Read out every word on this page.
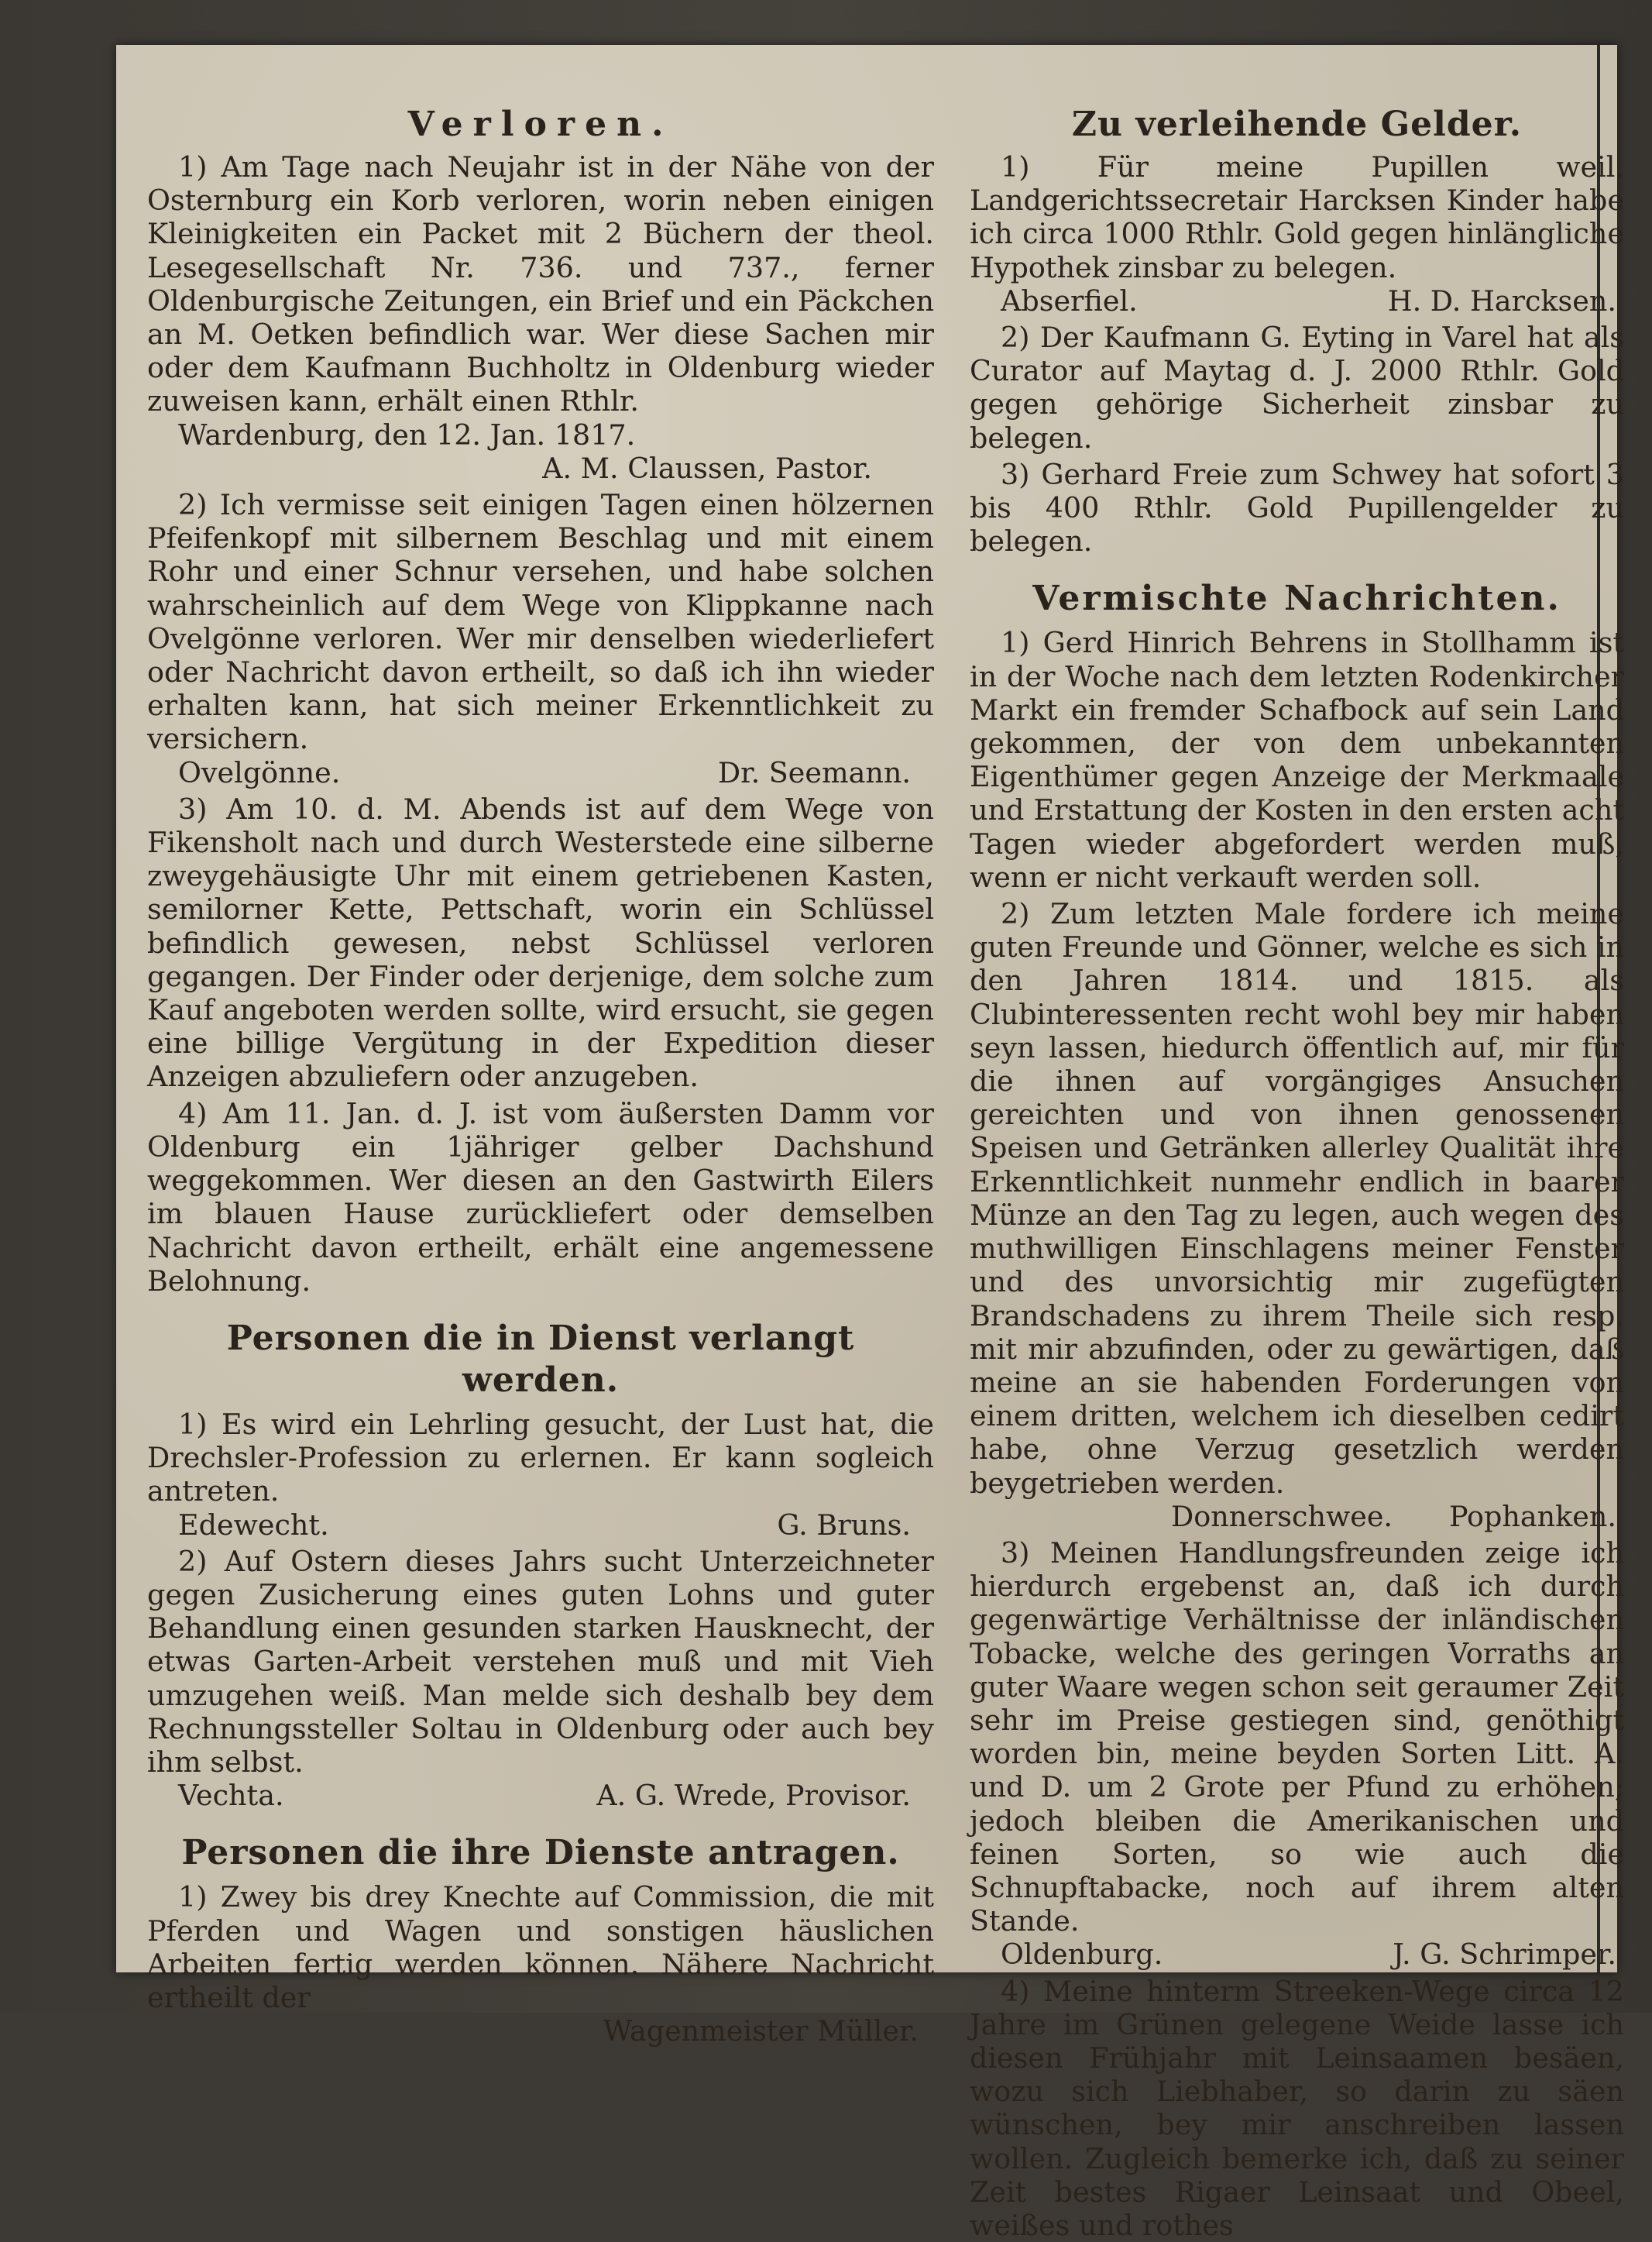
Verloren.

1) Am Tage nach Neujahr ist in der Nähe von der Osternburg ein Korb verloren, worin neben einigen Kleinigkeiten ein Packet mit 2 Büchern der theol. Lesegesellschaft Nr. 736. und 737., ferner Oldenburgische Zeitungen, ein Brief und ein Päckchen an M. Oetken befindlich war. Wer diese Sachen mir oder dem Kaufmann Buchholtz in Oldenburg wieder zuweisen kann, erhält einen Rthlr.

Wardenburg, den 12. Jan. 1817.

A. M. Claussen, Pastor.

2) Ich vermisse seit einigen Tagen einen hölzernen Pfeifenkopf mit silbernem Beschlag und mit einem Rohr und einer Schnur versehen, und habe solchen wahrscheinlich auf dem Wege von Klippkanne nach Ovelgönne verloren. Wer mir denselben wiederliefert oder Nachricht davon ertheilt, so daß ich ihn wieder erhalten kann, hat sich meiner Erkenntlichkeit zu versichern.

Ovelgönne.	Dr. Seemann.

3) Am 10. d. M. Abends ist auf dem Wege von Fikensholt nach und durch Westerstede eine silberne zweygehäusigte Uhr mit einem getriebenen Kasten, semilorner Kette, Pettschaft, worin ein Schlüssel befindlich gewesen, nebst Schlüssel verloren gegangen. Der Finder oder derjenige, dem solche zum Kauf angeboten werden sollte, wird ersucht, sie gegen eine billige Vergütung in der Expedition dieser Anzeigen abzuliefern oder anzugeben.

4) Am 11. Jan. d. J. ist vom äußersten Damm vor Oldenburg ein 1jähriger gelber Dachshund weggekommen. Wer diesen an den Gastwirth Eilers im blauen Hause zurückliefert oder demselben Nachricht davon ertheilt, erhält eine angemessene Belohnung.

Personen die in Dienst verlangt werden.

1) Es wird ein Lehrling gesucht, der Lust hat, die Drechsler-Profession zu erlernen. Er kann sogleich antreten.

Edewecht.	G. Bruns.

2) Auf Ostern dieses Jahrs sucht Unterzeichneter gegen Zusicherung eines guten Lohns und guter Behandlung einen gesunden starken Hausknecht, der etwas Garten-Arbeit verstehen muß und mit Vieh umzugehen weiß. Man melde sich deshalb bey dem Rechnungssteller Soltau in Oldenburg oder auch bey ihm selbst.

Vechta.	A. G. Wrede, Provisor.
Personen die ihre Dienste antragen.

1) Zwey bis drey Knechte auf Commission, die mit Pferden und Wagen und sonstigen häuslichen Arbeiten fertig werden können. Nähere Nachricht ertheilt der

Wagenmeister Müller.

Zu verleihende Gelder.

1) Für meine Pupillen weil. Landgerichtssecretair Harcksen Kinder habe ich circa 1000 Rthlr. Gold gegen hinlängliche Hypothek zinsbar zu belegen.

Abserfiel.	H. D. Harcksen.

2) Der Kaufmann G. Eyting in Varel hat als Curator auf Maytag d. J. 2000 Rthlr. Gold gegen gehörige Sicherheit zinsbar zu belegen.

3) Gerhard Freie zum Schwey hat sofort 3 bis 400 Rthlr. Gold Pupillengelder zu belegen.

Vermischte Nachrichten.

1) Gerd Hinrich Behrens in Stollhamm ist in der Woche nach dem letzten Rodenkircher Markt ein fremder Schafbock auf sein Land gekommen, der von dem unbekannten Eigenthümer gegen Anzeige der Merkmaale und Erstattung der Kosten in den ersten acht Tagen wieder abgefordert werden muß, wenn er nicht verkauft werden soll.

2) Zum letzten Male fordere ich meine guten Freunde und Gönner, welche es sich in den Jahren 1814. und 1815. als Clubinteressenten recht wohl bey mir haben seyn lassen, hiedurch öffentlich auf, mir für die ihnen auf vorgängiges Ansuchen gereichten und von ihnen genossenen Speisen und Getränken allerley Qualität ihre Erkenntlichkeit nunmehr endlich in baarer Münze an den Tag zu legen, auch wegen des muthwilligen Einschlagens meiner Fenster und des unvorsichtig mir zugefügten Brandschadens zu ihrem Theile sich resp. mit mir abzufinden, oder zu gewärtigen, daß meine an sie habenden Forderungen von einem dritten, welchem ich dieselben cedirt habe, ohne Verzug gesetzlich werden beygetrieben werden.

Donnerschwee. Pophanken.

3) Meinen Handlungsfreunden zeige ich hierdurch ergebenst an, daß ich durch gegenwärtige Verhältnisse der inländischen Tobacke, welche des geringen Vorraths an guter Waare wegen schon seit geraumer Zeit sehr im Preise gestiegen sind, genöthigt worden bin, meine beyden Sorten Litt. A. und D. um 2 Grote per Pfund zu erhöhen; jedoch bleiben die Amerikanischen und feinen Sorten, so wie auch die Schnupftabacke, noch auf ihrem alten Stande.

Oldenburg.	J. G. Schrimper.

4) Meine hinterm Streeken-Wege circa 12 Jahre im Grünen gelegene Weide lasse ich diesen Frühjahr mit Leinsaamen besäen, wozu sich Liebhaber, so darin zu säen wünschen, bey mir anschreiben lassen wollen. Zugleich bemerke ich, daß zu seiner Zeit bestes Rigaer Leinsaat und Obeel, weißes und rothes
